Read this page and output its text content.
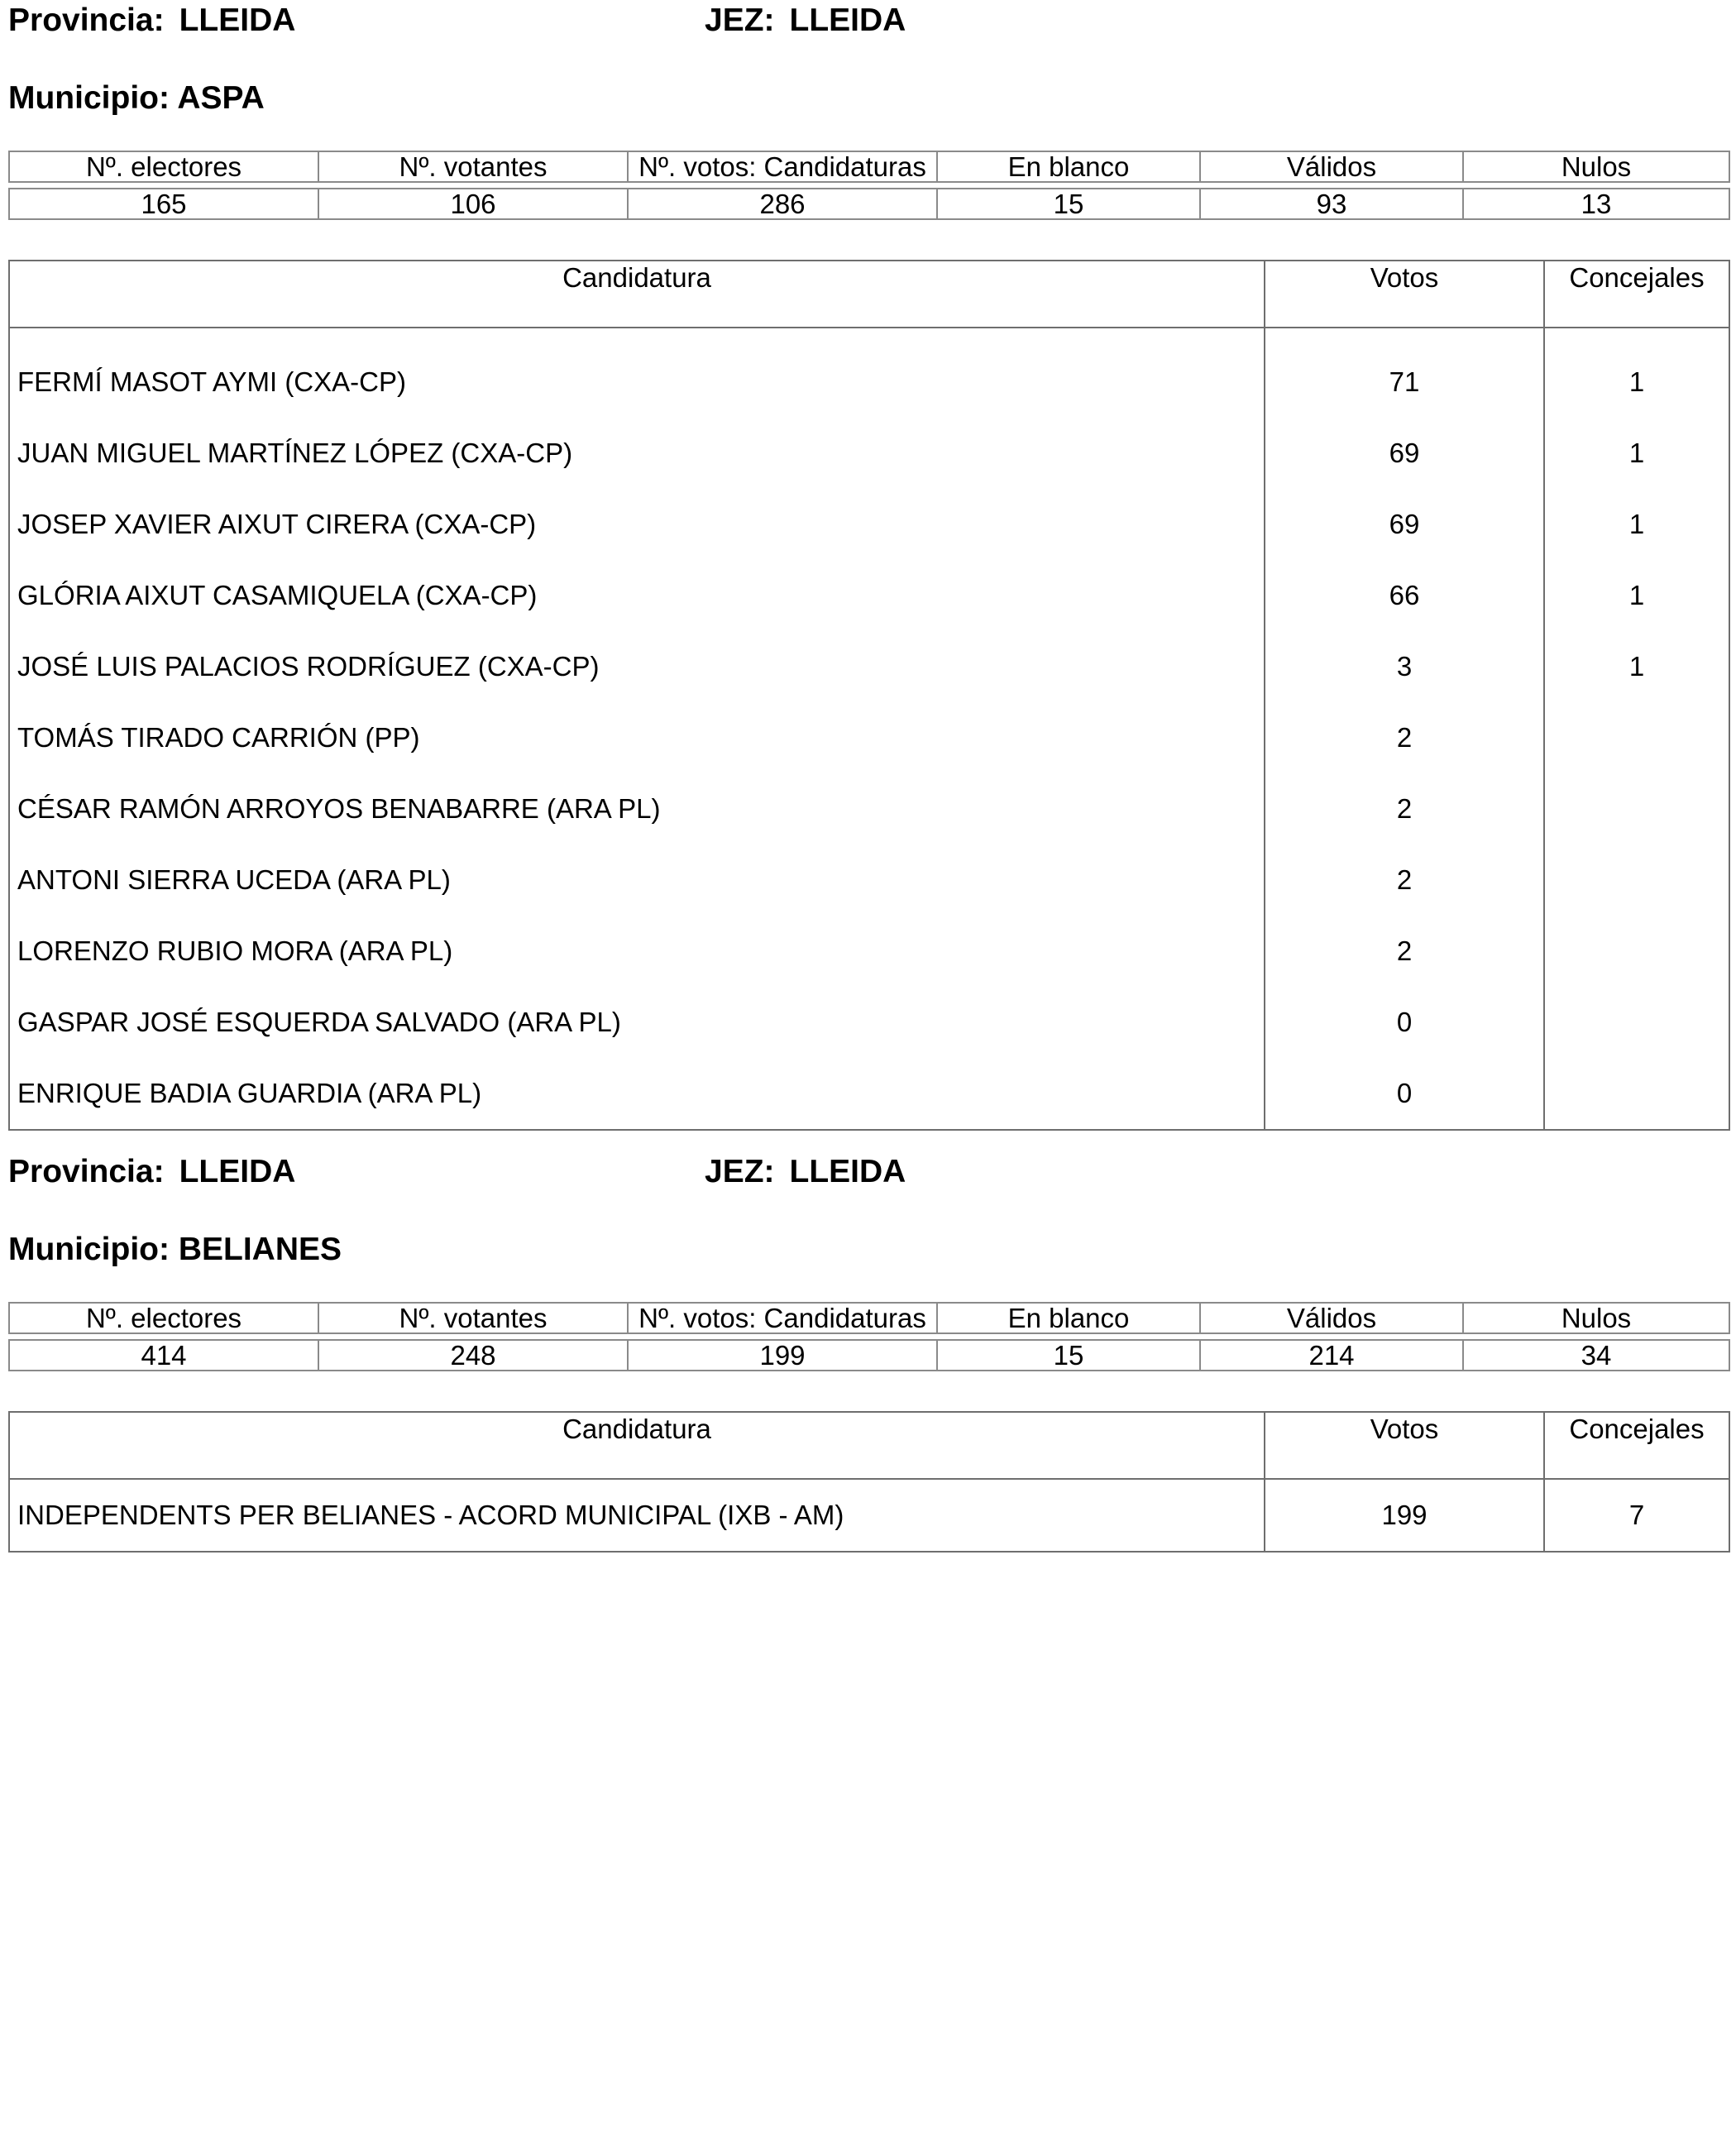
Provincia: LLEIDA	JEZ: LLEIDA
Municipio: ASPA
Nº. electores	Nº. votantes	Nº. votos: Candidaturas	En blanco	Válidos	Nulos

165	106	286	15	93	13
Candidatura	Votos	Concejales
FERMÍ MASOT AYMI (CXA-CP)	71	1
JUAN MIGUEL MARTÍNEZ LÓPEZ (CXA-CP)	69	1
JOSEP XAVIER AIXUT CIRERA (CXA-CP)	69	1
GLÓRIA AIXUT CASAMIQUELA (CXA-CP)	66	1
JOSÉ LUIS PALACIOS RODRÍGUEZ (CXA-CP)	3	1
TOMÁS TIRADO CARRIÓN (PP)	2	
CÉSAR RAMÓN ARROYOS BENABARRE (ARA PL)	2	
ANTONI SIERRA UCEDA (ARA PL)	2	
LORENZO RUBIO MORA (ARA PL)	2	
GASPAR JOSÉ ESQUERDA SALVADO (ARA PL)	0	
ENRIQUE BADIA GUARDIA (ARA PL)	0	
Provincia: LLEIDA	JEZ: LLEIDA
Municipio: BELIANES
Nº. electores	Nº. votantes	Nº. votos: Candidaturas	En blanco	Válidos	Nulos

414	248	199	15	214	34
Candidatura	Votos	Concejales
INDEPENDENTS PER BELIANES - ACORD MUNICIPAL (IXB - AM)	199	7
